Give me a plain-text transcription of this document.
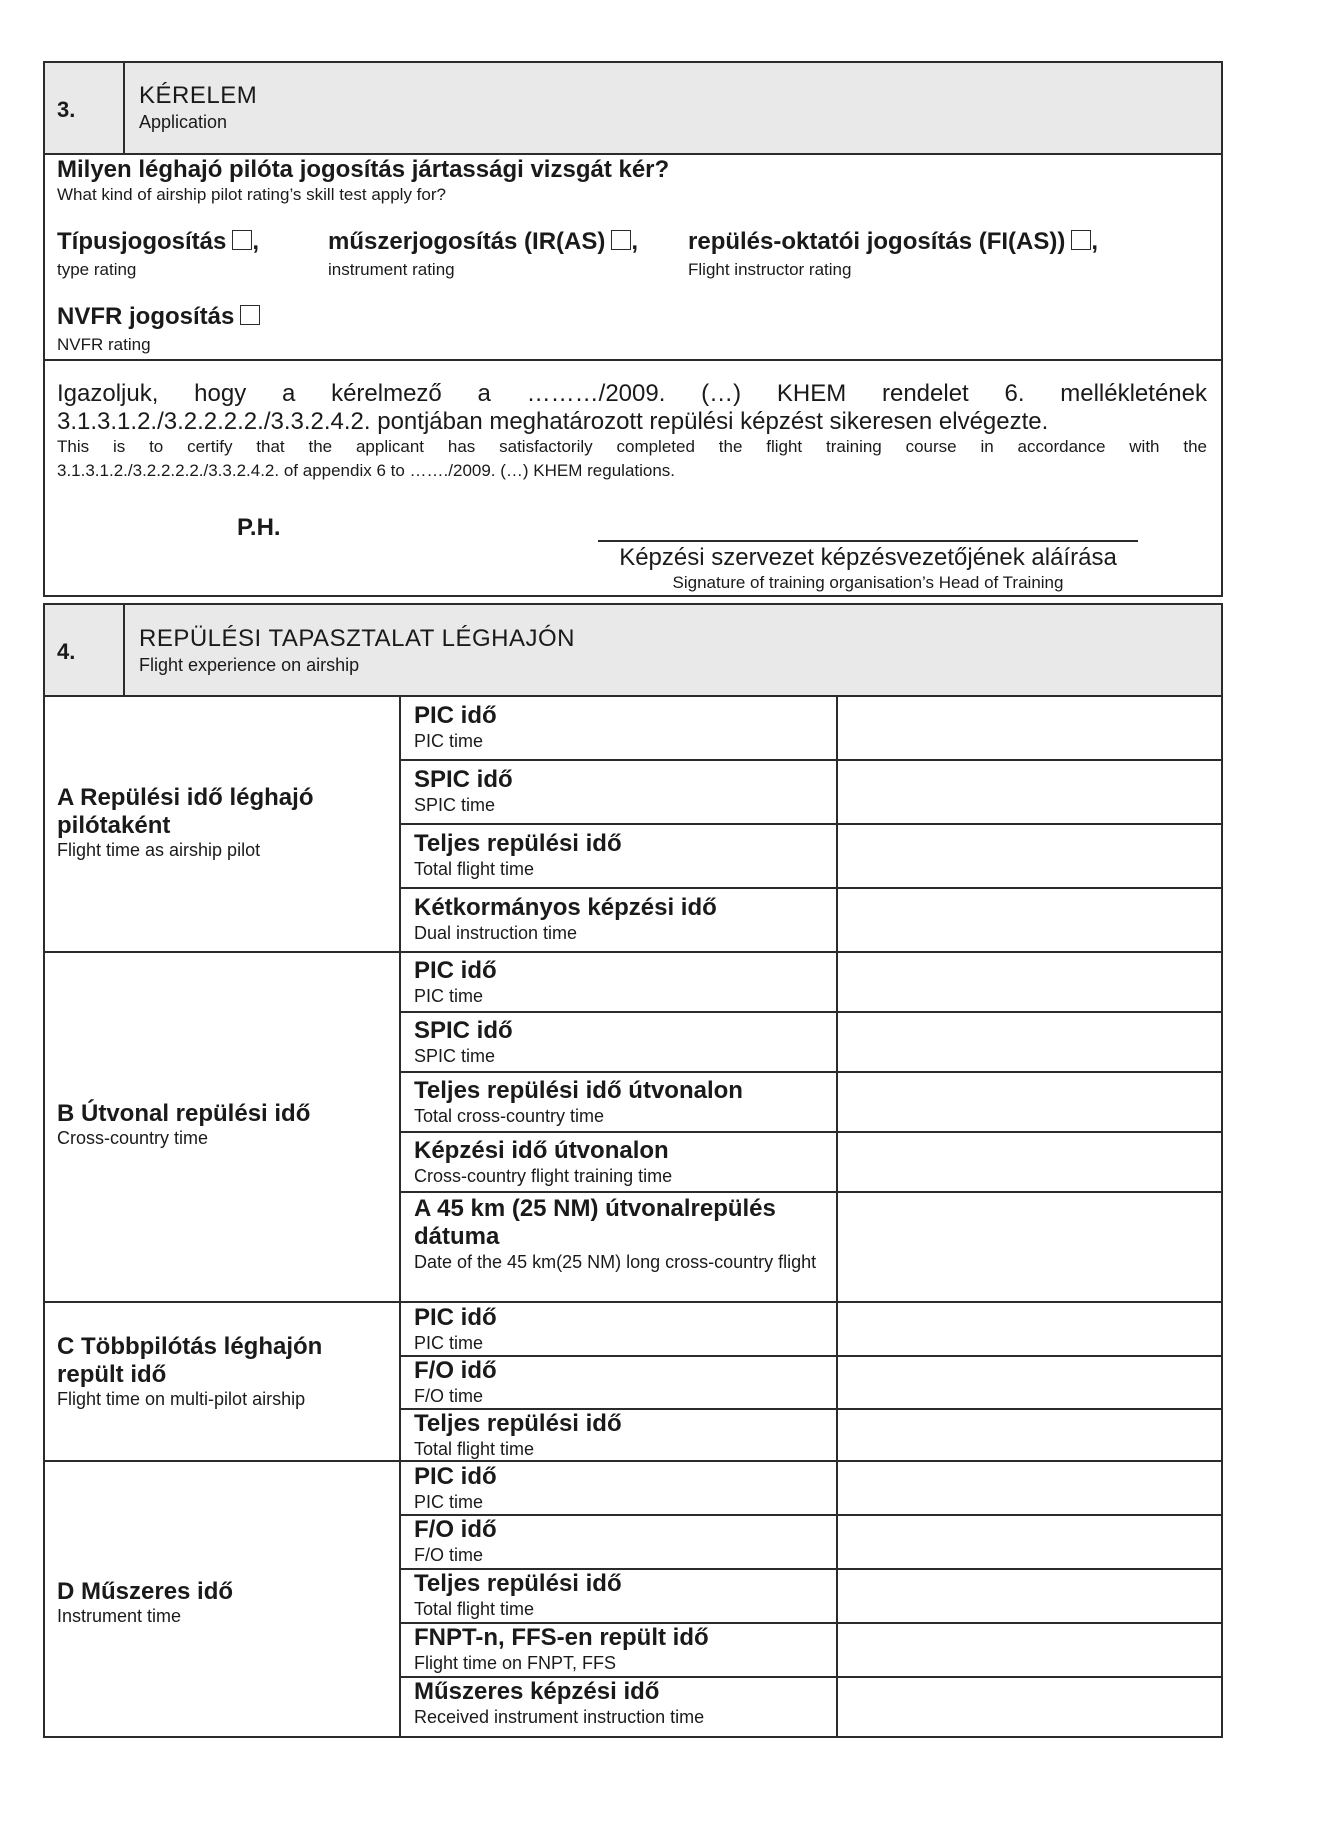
3.
KÉRELEM
Application
Milyen léghajó pilóta jogosítás jártassági vizsgát kér?
What kind of airship pilot rating’s skill test apply for?
Típusjogosítás ,
type rating
műszerjogosítás (IR(AS) ,
instrument rating
repülés-oktatói jogosítás (FI(AS)) ,
Flight instructor rating
NVFR jogosítás
NVFR rating
Igazoljuk, hogy a kérelmező a ………/2009. (…) KHEM rendelet 6. mellékletének
3.1.3.1.2./3.2.2.2.2./3.3.2.4.2. pontjában meghatározott repülési képzést sikeresen elvégezte.
This is to certify that the applicant has satisfactorily completed the flight training course in accordance with the
3.1.3.1.2./3.2.2.2.2./3.3.2.4.2. of appendix 6 to ……./2009. (…) KHEM regulations.
P.H.
Képzési szervezet képzésvezetőjének aláírása
Signature of training organisation’s Head of Training
4.	REPÜLÉSI TAPASZTALAT LÉGHAJÓN
Flight experience on airship
A Repülési idő léghajó pilótaként
Flight time as airship pilot
PIC idő
PIC time
SPIC idő
SPIC time
Teljes repülési idő
Total flight time
Kétkormányos képzési idő
Dual instruction time
B Útvonal repülési idő
Cross-country time
PIC idő
PIC time
SPIC idő
SPIC time
Teljes repülési idő útvonalon
Total cross-country time
Képzési idő útvonalon
Cross-country flight training time
A 45 km (25 NM) útvonalrepülés dátuma
Date of the 45 km(25 NM) long cross-country flight
C Többpilótás léghajón repült idő
Flight time on multi-pilot airship
PIC idő
PIC time
F/O idő
F/O time
Teljes repülési idő
Total flight time
D Műszeres idő
Instrument time
PIC idő
PIC time
F/O idő
F/O time
Teljes repülési idő
Total flight time
FNPT-n, FFS-en repült idő
Flight time on FNPT, FFS
Műszeres képzési idő
Received instrument instruction time
